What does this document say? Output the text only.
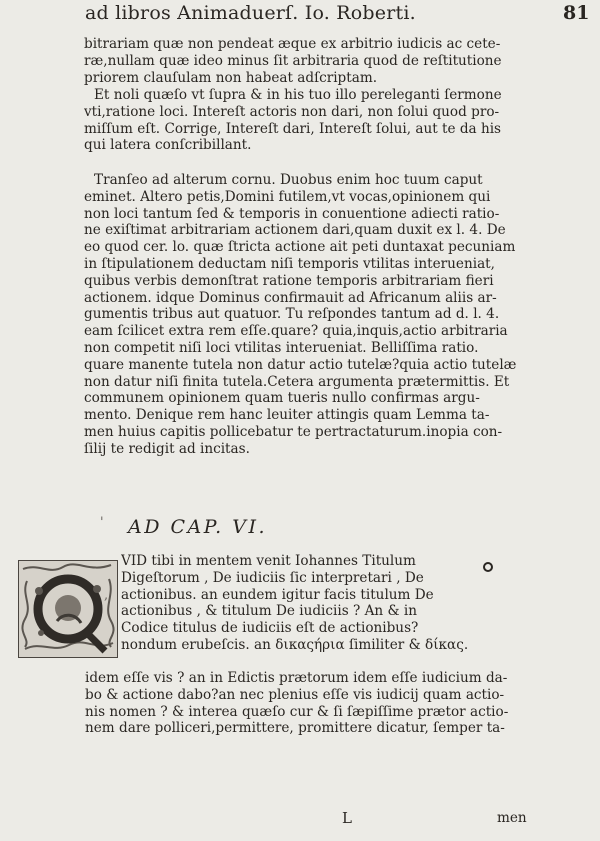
ad libros Animaduerſ. Io. Roberti.	81
bitrariam quæ non pendeat æque ex arbitrio iudicis ac cete-
ræ,nullam quæ ideo minus ſit arbitraria quod de reſtitutione
priorem clauſulam non habeat adſcriptam.
Et noli quæſo vt ſupra & in his tuo illo pereleganti ſermone
vti,ratione loci. Intereſt actoris non dari, non ſolui quod pro-
miſſum eſt. Corrige, Intereſt dari, Intereſt ſolui, aut te da his
qui latera conſcribillant.
Tranſeo ad alterum cornu. Duobus enim hoc tuum caput
eminet. Altero petis,Domini futilem,vt vocas,opinionem qui
non loci tantum ſed & temporis in conuentione adiecti ratio-
ne exiſtimat arbitrariam actionem dari,quam duxit ex l. 4. De
eo quod cer. lo. quæ ſtricta actione ait peti duntaxat pecuniam
in ſtipulationem deductam niſi temporis vtilitas interueniat,
quibus verbis demonſtrat ratione temporis arbitrariam fieri
actionem. idque Dominus confirmauit ad Africanum aliis ar-
gumentis tribus aut quatuor. Tu reſpondes tantum ad d. l. 4.
eam ſcilicet extra rem eſſe.quare? quia,inquis,actio arbitraria
non competit niſi loci vtilitas interueniat. Belliſſima ratio.
quare manente tutela non datur actio tutelæ?quia actio tutelæ
non datur niſi finita tutela.Cetera argumenta prætermittis. Et
communem opinionem quam tueris nullo confirmas argu-
mento. Denique rem hanc leuiter attingis quam Lemma ta-
men huius capitis pollicebatur te pertractaturum.inopia con-
ſilij te redigit ad incitas.
' AD CAP. VI.
VID tibi in mentem venit Iohannes Titulum
Digeſtorum , De iudiciis ſic interpretari , De
actionibus. an eundem igitur facis titulum De
actionibus , & titulum De iudiciis ? An & in
Codice titulus de iudiciis eſt de actionibus?
nondum erubeſcis. an δικαςήρια ſimiliter & δίκας.
idem eſſe vis ? an in Edictis prætorum idem eſſe iudicium da-
bo & actione dabo?an nec plenius eſſe vis iudicij quam actio-
nis nomen ? & interea quæſo cur & ſi ſæpiſſime prætor actio-
nem dare polliceri,permittere, promittere dicatur, ſemper ta-
,
L	men
